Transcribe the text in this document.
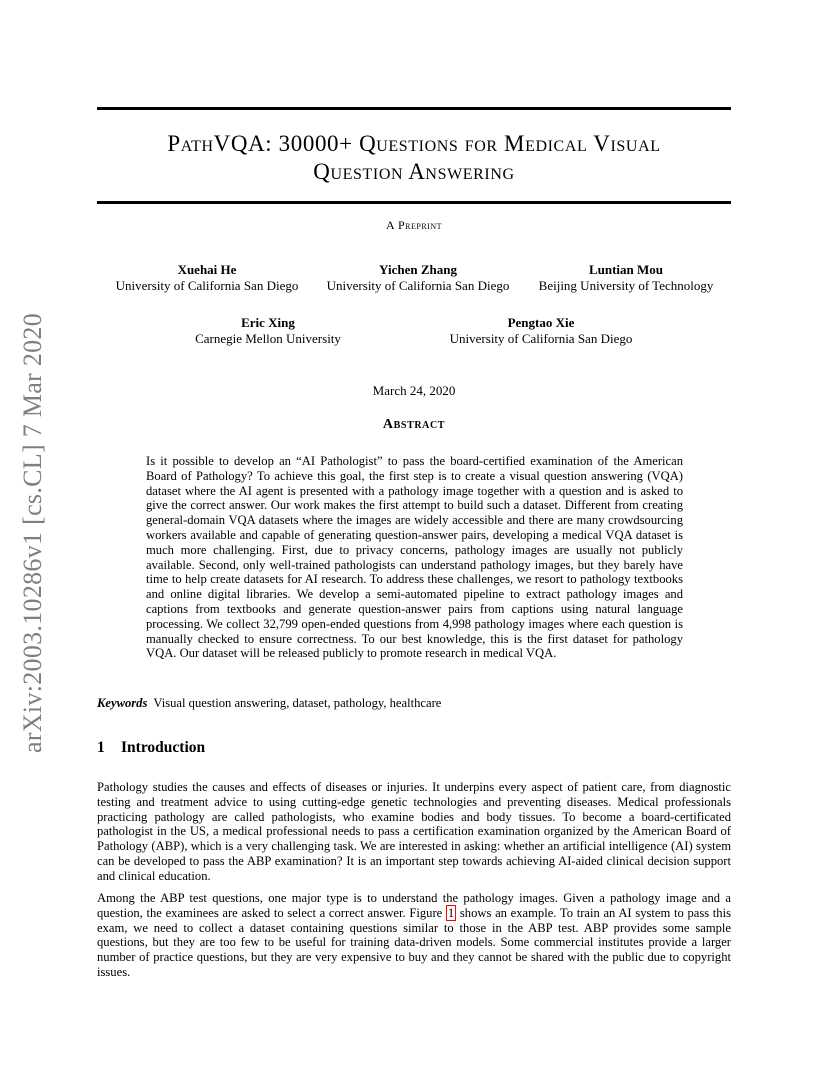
arXiv:2003.10286v1 [cs.CL] 7 Mar 2020
PathVQA: 30000+ Questions for Medical Visual
Question Answering
A Preprint
Xuehai He
University of California San Diego
Yichen Zhang
University of California San Diego
Luntian Mou
Beijing University of Technology
Eric Xing
Carnegie Mellon University
Pengtao Xie
University of California San Diego
March 24, 2020
Abstract
Is it possible to develop an “AI Pathologist” to pass the board-certified examination of the American Board of Pathology? To achieve this goal, the first step is to create a visual question answering (VQA) dataset where the AI agent is presented with a pathology image together with a question and is asked to give the correct answer. Our work makes the first attempt to build such a dataset. Different from creating general-domain VQA datasets where the images are widely accessible and there are many crowdsourcing workers available and capable of generating question-answer pairs, developing a medical VQA dataset is much more challenging. First, due to privacy concerns, pathology images are usually not publicly available. Second, only well-trained pathologists can understand pathology images, but they barely have time to help create datasets for AI research. To address these challenges, we resort to pathology textbooks and online digital libraries. We develop a semi-automated pipeline to extract pathology images and captions from textbooks and generate question-answer pairs from captions using natural language processing. We collect 32,799 open-ended questions from 4,998 pathology images where each question is manually checked to ensure correctness. To our best knowledge, this is the first dataset for pathology VQA. Our dataset will be released publicly to promote research in medical VQA.
Keywords Visual question answering, dataset, pathology, healthcare
1 Introduction
Pathology studies the causes and effects of diseases or injuries. It underpins every aspect of patient care, from diagnostic testing and treatment advice to using cutting-edge genetic technologies and preventing diseases. Medical professionals practicing pathology are called pathologists, who examine bodies and body tissues. To become a board-certificated pathologist in the US, a medical professional needs to pass a certification examination organized by the American Board of Pathology (ABP), which is a very challenging task. We are interested in asking: whether an artificial intelligence (AI) system can be developed to pass the ABP examination? It is an important step towards achieving AI-aided clinical decision support and clinical education.
Among the ABP test questions, one major type is to understand the pathology images. Given a pathology image and a question, the examinees are asked to select a correct answer. Figure 1 shows an example. To train an AI system to pass this exam, we need to collect a dataset containing questions similar to those in the ABP test. ABP provides some sample questions, but they are too few to be useful for training data-driven models. Some commercial institutes provide a larger number of practice questions, but they are very expensive to buy and they cannot be shared with the public due to copyright issues.
